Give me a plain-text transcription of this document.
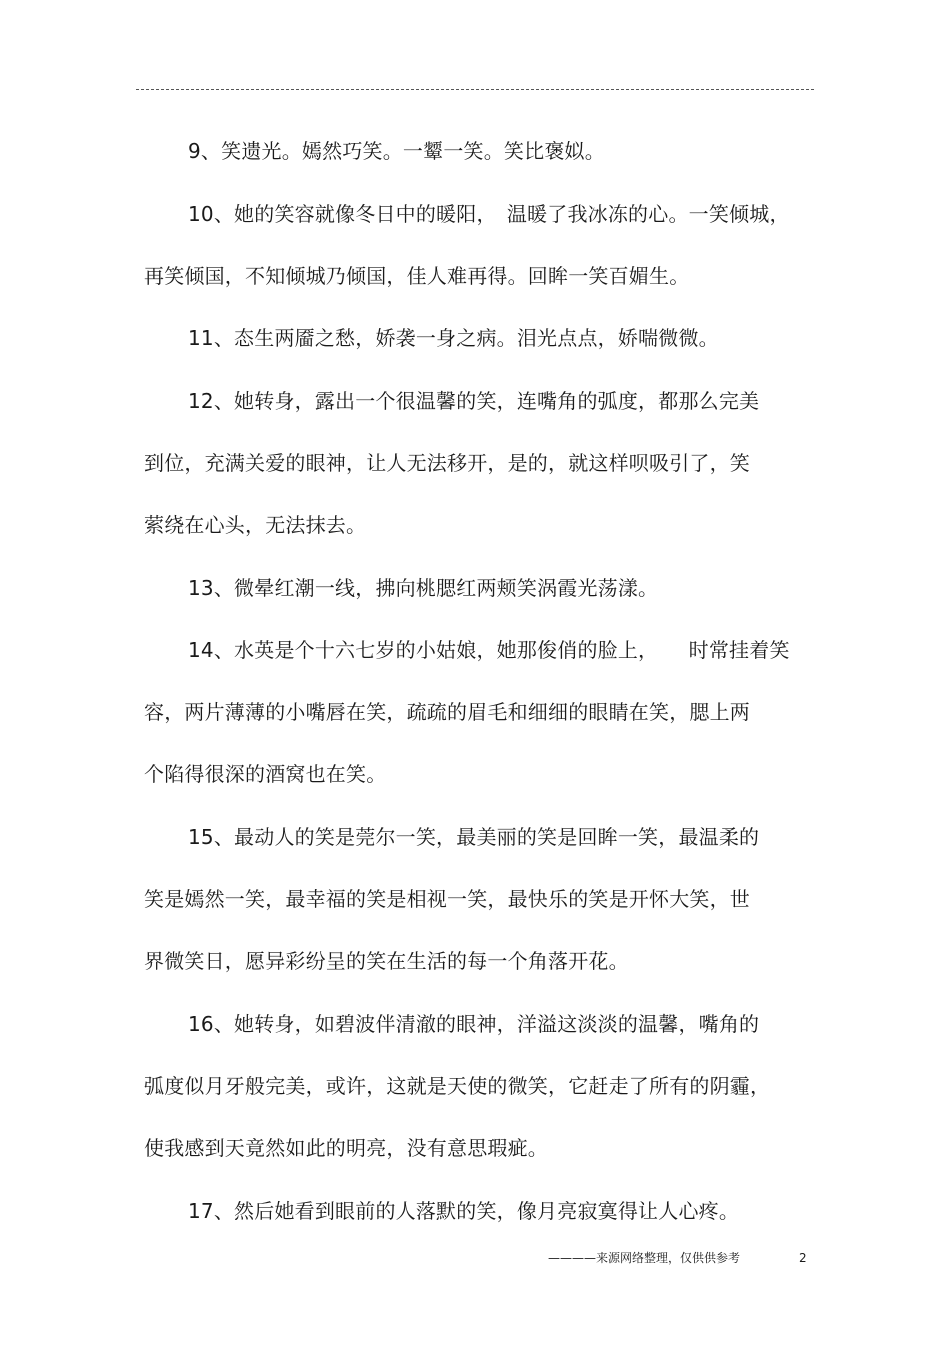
9、笑遗光。嫣然巧笑。一颦一笑。笑比褒姒。
10、她的笑容就像冬日中的暖阳，　温暖了我冰冻的心。一笑倾城，
再笑倾国，不知倾城乃倾国，佳人难再得。回眸一笑百媚生。
11、态生两靥之愁，娇袭一身之病。泪光点点，娇喘微微。
12、她转身，露出一个很温馨的笑，连嘴角的弧度，都那么完美
到位，充满关爱的眼神，让人无法移开，是的，就这样呗吸引了，笑
萦绕在心头，无法抹去。
13、微晕红潮一线，拂向桃腮红两颊笑涡霞光荡漾。
14、水英是个十六七岁的小姑娘，她那俊俏的脸上，　　时常挂着笑
容，两片薄薄的小嘴唇在笑，疏疏的眉毛和细细的眼睛在笑，腮上两
个陷得很深的酒窝也在笑。
15、最动人的笑是莞尔一笑，最美丽的笑是回眸一笑，最温柔的
笑是嫣然一笑，最幸福的笑是相视一笑，最快乐的笑是开怀大笑，世
界微笑日，愿异彩纷呈的笑在生活的每一个角落开花。
16、她转身，如碧波伴清澈的眼神，洋溢这淡淡的温馨，嘴角的
弧度似月牙般完美，或许，这就是天使的微笑，它赶走了所有的阴霾，
使我感到天竟然如此的明亮，没有意思瑕疵。
17、然后她看到眼前的人落默的笑，像月亮寂寞得让人心疼。
————来源网络整理，仅供供参考	2
